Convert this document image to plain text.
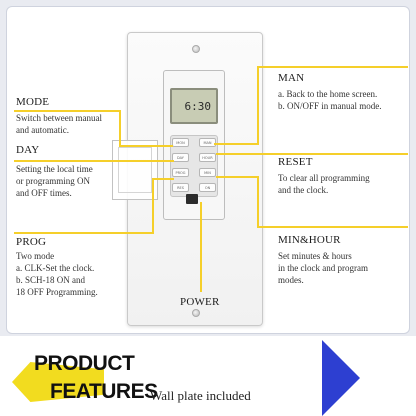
6:30
MON	MAN
DAY	HOUR
PROG	MIN
RES	ON
MODE
Switch between manual
and automatic.
DAY
Setting the local time
or programming ON
and OFF times.
PROG
Two mode
a. CLK-Set the clock.
b. SCH-18 ON and
18 OFF Programming.
MAN
a. Back to the home screen.
b. ON/OFF in manual mode.
RESET
To clear all programming
and the clock.
MIN&HOUR
Set minutes & hours
in the clock and program
modes.
POWER
PRODUCT
FEATURES
Wall plate included
